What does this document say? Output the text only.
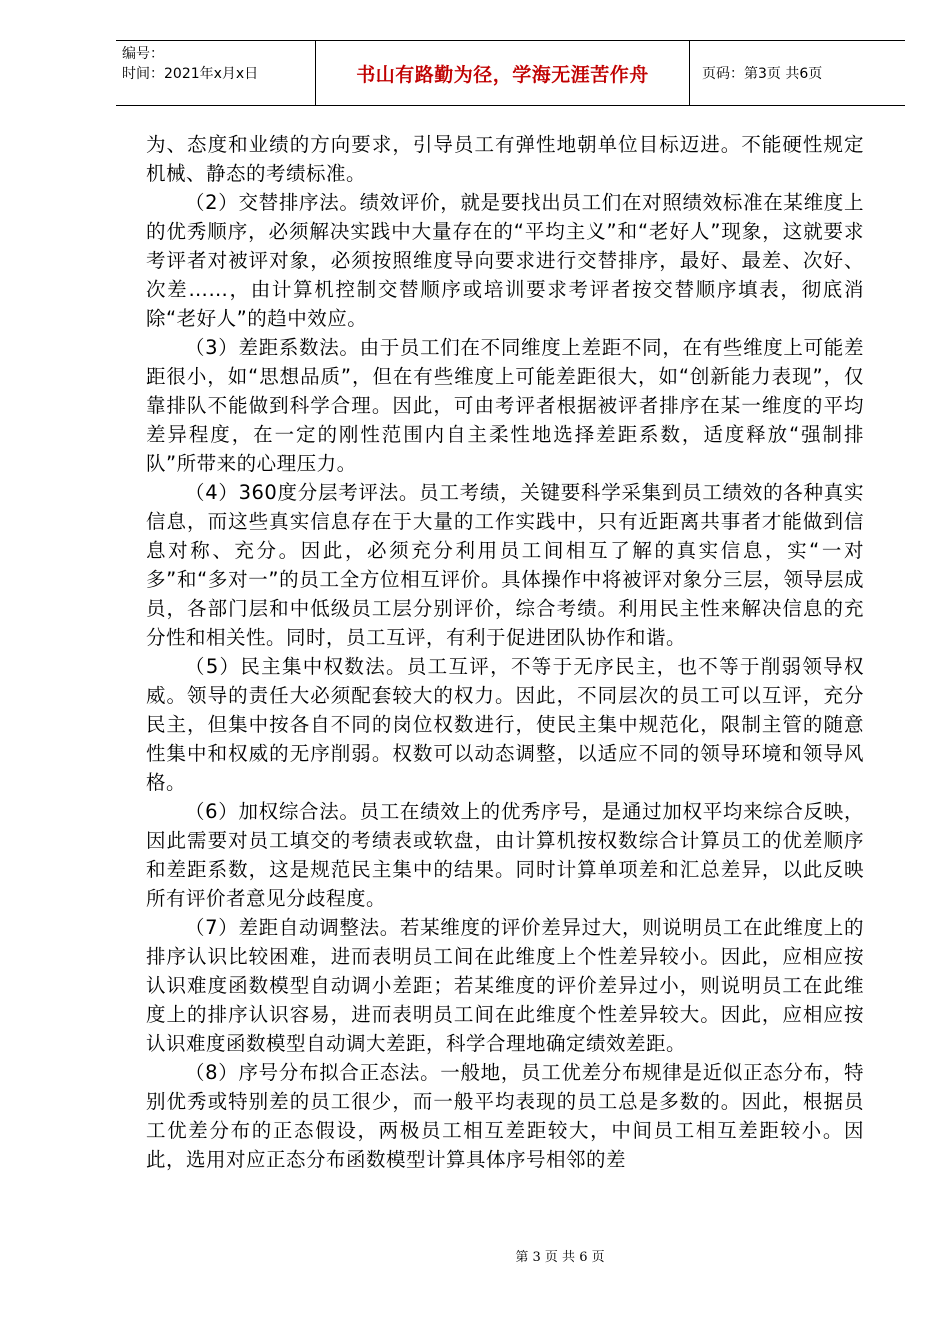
编号：
时间：2021年x月x日	书山有路勤为径，学海无涯苦作舟	页码：第3页 共6页

为、态度和业绩的方向要求，引导员工有弹性地朝单位目标迈进。不能硬性规定机械、静态的考绩标准。

（2）交替排序法。绩效评价，就是要找出员工们在对照绩效标准在某维度上的优秀顺序，必须解决实践中大量存在的“平均主义”和“老好人”现象，这就要求考评者对被评对象，必须按照维度导向要求进行交替排序，最好、最差、次好、次差……，由计算机控制交替顺序或培训要求考评者按交替顺序填表，彻底消除“老好人”的趋中效应。

（3）差距系数法。由于员工们在不同维度上差距不同，在有些维度上可能差距很小，如“思想品质”，但在有些维度上可能差距很大，如“创新能力表现”，仅靠排队不能做到科学合理。因此，可由考评者根据被评者排序在某一维度的平均差异程度，在一定的刚性范围内自主柔性地选择差距系数，适度释放“强制排队”所带来的心理压力。

（4）360度分层考评法。员工考绩，关键要科学采集到员工绩效的各种真实信息，而这些真实信息存在于大量的工作实践中，只有近距离共事者才能做到信息对称、充分。因此，必须充分利用员工间相互了解的真实信息，实“一对多”和“多对一”的员工全方位相互评价。具体操作中将被评对象分三层，领导层成员，各部门层和中低级员工层分别评价，综合考绩。利用民主性来解决信息的充分性和相关性。同时，员工互评，有利于促进团队协作和谐。

（5）民主集中权数法。员工互评，不等于无序民主，也不等于削弱领导权威。领导的责任大必须配套较大的权力。因此，不同层次的员工可以互评，充分民主，但集中按各自不同的岗位权数进行，使民主集中规范化，限制主管的随意性集中和权威的无序削弱。权数可以动态调整，以适应不同的领导环境和领导风格。

（6）加权综合法。员工在绩效上的优秀序号，是通过加权平均来综合反映，因此需要对员工填交的考绩表或软盘，由计算机按权数综合计算员工的优差顺序和差距系数，这是规范民主集中的结果。同时计算单项差和汇总差异，以此反映所有评价者意见分歧程度。

（7）差距自动调整法。若某维度的评价差异过大，则说明员工在此维度上的排序认识比较困难，进而表明员工间在此维度上个性差异较小。因此，应相应按认识难度函数模型自动调小差距；若某维度的评价差异过小，则说明员工在此维度上的排序认识容易，进而表明员工间在此维度个性差异较大。因此，应相应按认识难度函数模型自动调大差距，科学合理地确定绩效差距。

（8）序号分布拟合正态法。一般地，员工优差分布规律是近似正态分布，特别优秀或特别差的员工很少，而一般平均表现的员工总是多数的。因此，根据员工优差分布的正态假设，两极员工相互差距较大，中间员工相互差距较小。因此，选用对应正态分布函数模型计算具体序号相邻的差

第 3 页 共 6 页
